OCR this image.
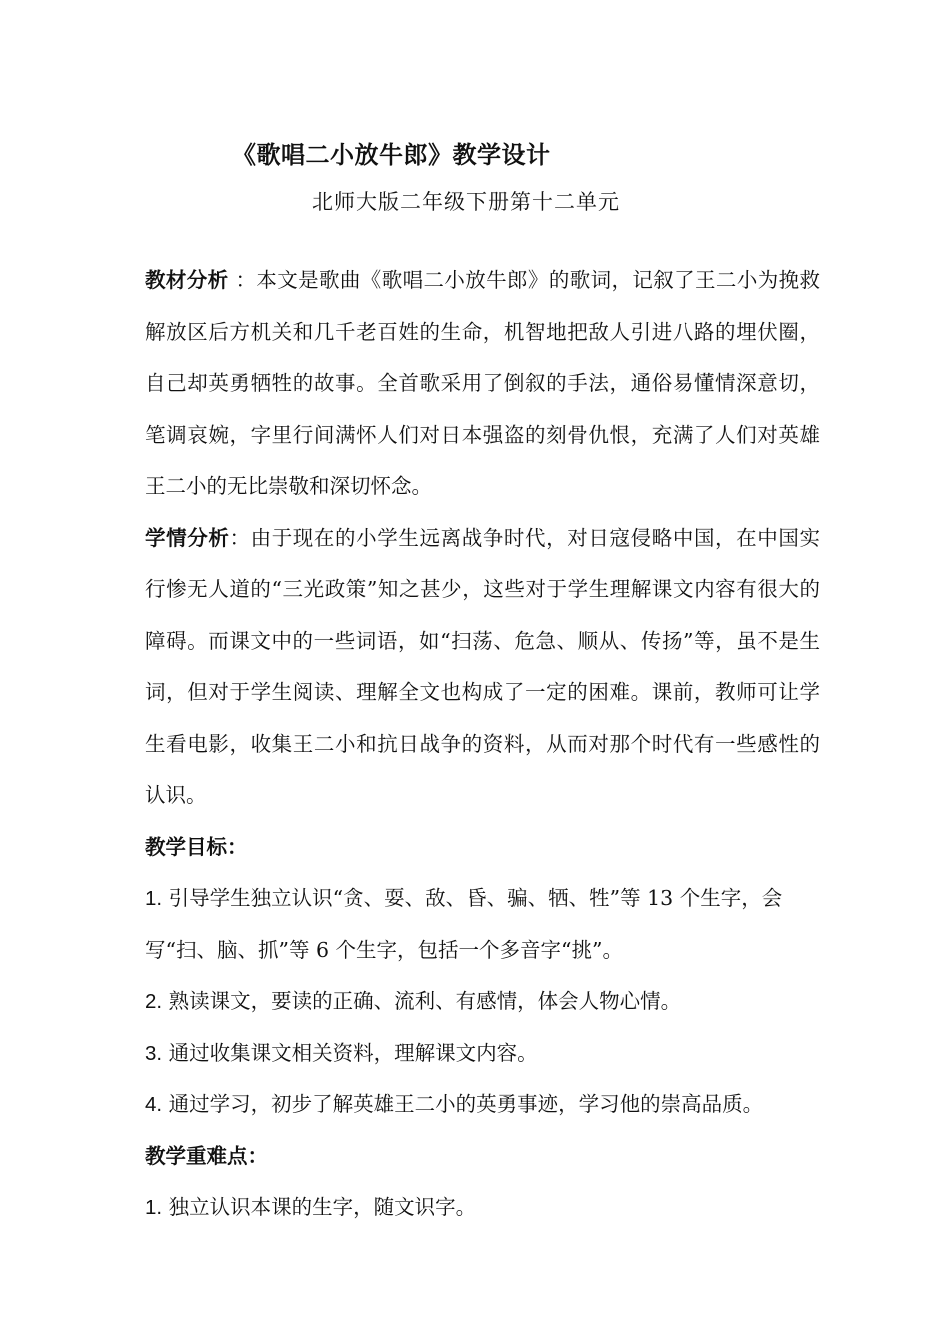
《歌唱二小放牛郎》教学设计
北师大版二年级下册第十二单元

教材分析 ：本文是歌曲《歌唱二小放牛郎》的歌词，记叙了王二小为挽救解放区后方机关和几千老百姓的生命，机智地把敌人引进八路的埋伏圈，自己却英勇牺牲的故事。全首歌采用了倒叙的手法，通俗易懂情深意切，笔调哀婉，字里行间满怀人们对日本强盗的刻骨仇恨，充满了人们对英雄王二小的无比崇敬和深切怀念。

学情分析：由于现在的小学生远离战争时代，对日寇侵略中国，在中国实行惨无人道的“三光政策”知之甚少，这些对于学生理解课文内容有很大的障碍。而课文中的一些词语，如“扫荡、危急、顺从、传扬”等，虽不是生词，但对于学生阅读、理解全文也构成了一定的困难。课前，教师可让学生看电影，收集王二小和抗日战争的资料，从而对那个时代有一些感性的认识。

教学目标：

1. 引导学生独立认识“贪、耍、敌、昏、骗、牺、牲”等 13 个生字，会写“扫、脑、抓”等 6 个生字，包括一个多音字“挑”。

2. 熟读课文，要读的正确、流利、有感情，体会人物心情。

3. 通过收集课文相关资料，理解课文内容。

4. 通过学习，初步了解英雄王二小的英勇事迹，学习他的崇高品质。

教学重难点：

1. 独立认识本课的生字，随文识字。
